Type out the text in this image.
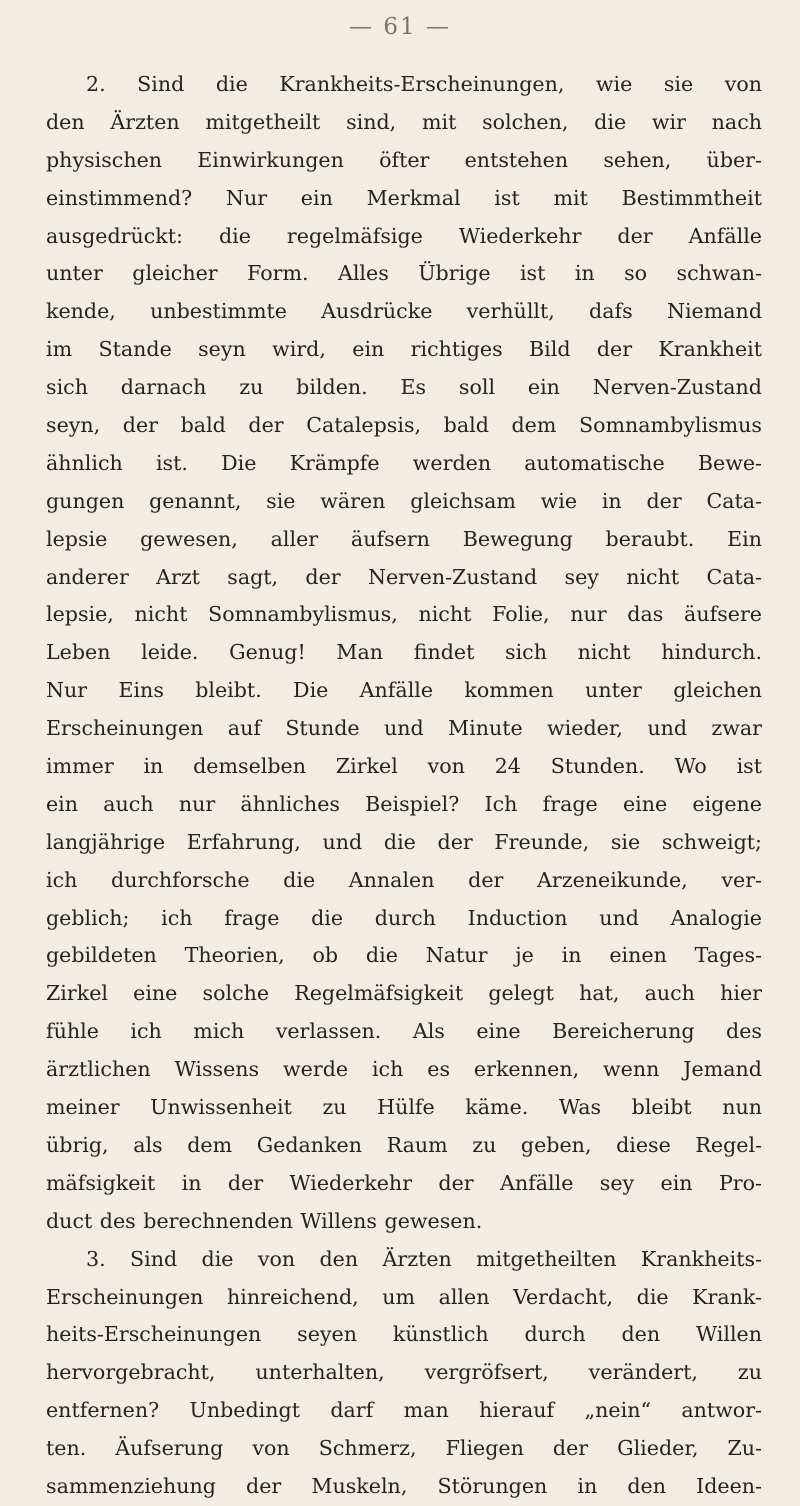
— 61 —
2. Sind die Krankheits-Erscheinungen, wie sie von
den Ärzten mitgetheilt sind, mit solchen, die wir nach
physischen Einwirkungen öfter entstehen sehen, über-
einstimmend? Nur ein Merkmal ist mit Bestimmtheit
ausgedrückt: die regelmäfsige Wiederkehr der Anfälle
unter gleicher Form. Alles Übrige ist in so schwan-
kende, unbestimmte Ausdrücke verhüllt, dafs Niemand
im Stande seyn wird, ein richtiges Bild der Krankheit
sich darnach zu bilden. Es soll ein Nerven-Zustand
seyn, der bald der Catalepsis, bald dem Somnambylismus
ähnlich ist. Die Krämpfe werden automatische Bewe-
gungen genannt, sie wären gleichsam wie in der Cata-
lepsie gewesen, aller äufsern Bewegung beraubt. Ein
anderer Arzt sagt, der Nerven-Zustand sey nicht Cata-
lepsie, nicht Somnambylismus, nicht Folie, nur das äufsere
Leben leide. Genug! Man findet sich nicht hindurch.
Nur Eins bleibt. Die Anfälle kommen unter gleichen
Erscheinungen auf Stunde und Minute wieder, und zwar
immer in demselben Zirkel von 24 Stunden. Wo ist
ein auch nur ähnliches Beispiel? Ich frage eine eigene
langjährige Erfahrung, und die der Freunde, sie schweigt;
ich durchforsche die Annalen der Arzeneikunde, ver-
geblich; ich frage die durch Induction und Analogie
gebildeten Theorien, ob die Natur je in einen Tages-
Zirkel eine solche Regelmäfsigkeit gelegt hat, auch hier
fühle ich mich verlassen. Als eine Bereicherung des
ärztlichen Wissens werde ich es erkennen, wenn Jemand
meiner Unwissenheit zu Hülfe käme. Was bleibt nun
übrig, als dem Gedanken Raum zu geben, diese Regel-
mäfsigkeit in der Wiederkehr der Anfälle sey ein Pro-
duct des berechnenden Willens gewesen.
3. Sind die von den Ärzten mitgetheilten Krankheits-
Erscheinungen hinreichend, um allen Verdacht, die Krank-
heits-Erscheinungen seyen künstlich durch den Willen
hervorgebracht, unterhalten, vergröfsert, verändert, zu
entfernen? Unbedingt darf man hierauf „nein“ antwor-
ten. Äufserung von Schmerz, Fliegen der Glieder, Zu-
sammenziehung der Muskeln, Störungen in den Ideen-
